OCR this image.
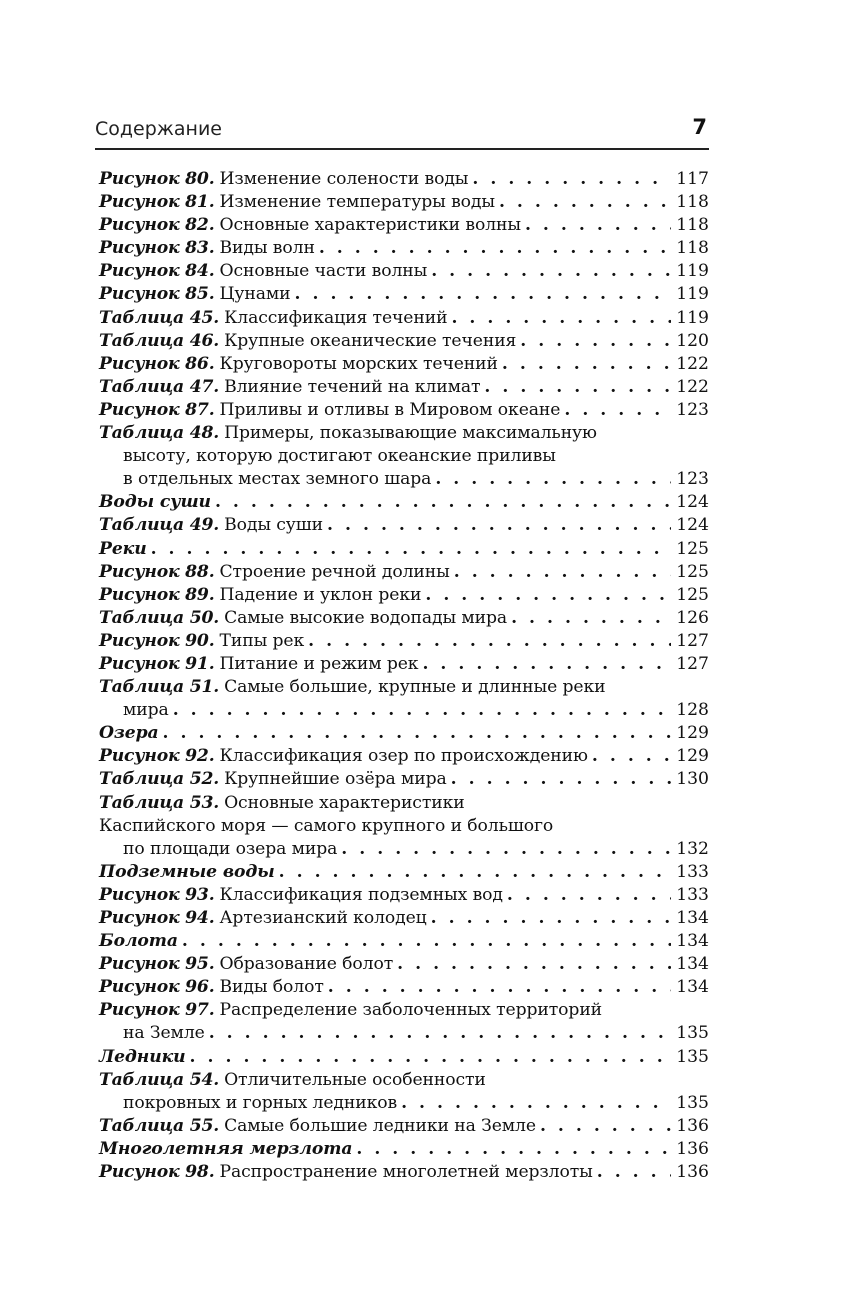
Содержание	7
Рисунок 80 . Изменение солености воды . . .	117
Рисунок 81 . Изменение температуры воды . . .	118
Рисунок 82 . Основные характеристики волны . . .	118
Рисунок 83 . Виды волн . . .	118
Рисунок 84 . Основные части волны . . .	119
Рисунок 85 . Цунами . . .	119
Таблица 45 . Классификация течений . . .	119
Таблица 46 . Крупные океанические течения . . .	120
Рисунок 86 . Круговороты морских течений . . .	122
Таблица 47 . Влияние течений на климат . . .	122
Рисунок 87 . Приливы и отливы в Мировом океане . . .	123
Таблица 48 . Примеры, показывающие максимальную
высоту, которую достигают океанские приливы
в отдельных местах земного шара . . .	123
Воды суши . . .	124
Таблица 49 . Воды суши . . .	124
Реки . . .	125
Рисунок 88 . Строение речной долины . . .	125
Рисунок 89 . Падение и уклон реки . . .	125
Таблица 50 . Самые высокие водопады мира . . .	126
Рисунок 90 . Типы рек . . .	127
Рисунок 91 . Питание и режим рек . . .	127
Таблица 51 . Самые большие, крупные и длинные реки
мира . . .	128
Озера . . .	129
Рисунок 92 . Классификация озер по происхождению . . .	129
Таблица 52 . Крупнейшие озёра мира . . .	130
Таблица 53 . Основные характеристики
Каспийского моря — самого крупного и большого
по площади озера мира . . .	132
Подземные воды . . .	133
Рисунок 93 . Классификация подземных вод . . .	133
Рисунок 94 . Артезианский колодец . . .	134
Болота . . .	134
Рисунок 95 . Образование болот . . .	134
Рисунок 96 . Виды болот . . .	134
Рисунок 97 . Распределение заболоченных территорий
на Земле . . .	135
Ледники . . .	135
Таблица 54 . Отличительные особенности
покровных и горных ледников . . .	135
Таблица 55 . Самые большие ледники на Земле . . .	136
Многолетняя мерзлота . . .	136
Рисунок 98 . Распространение многолетней мерзлоты . . .	136
